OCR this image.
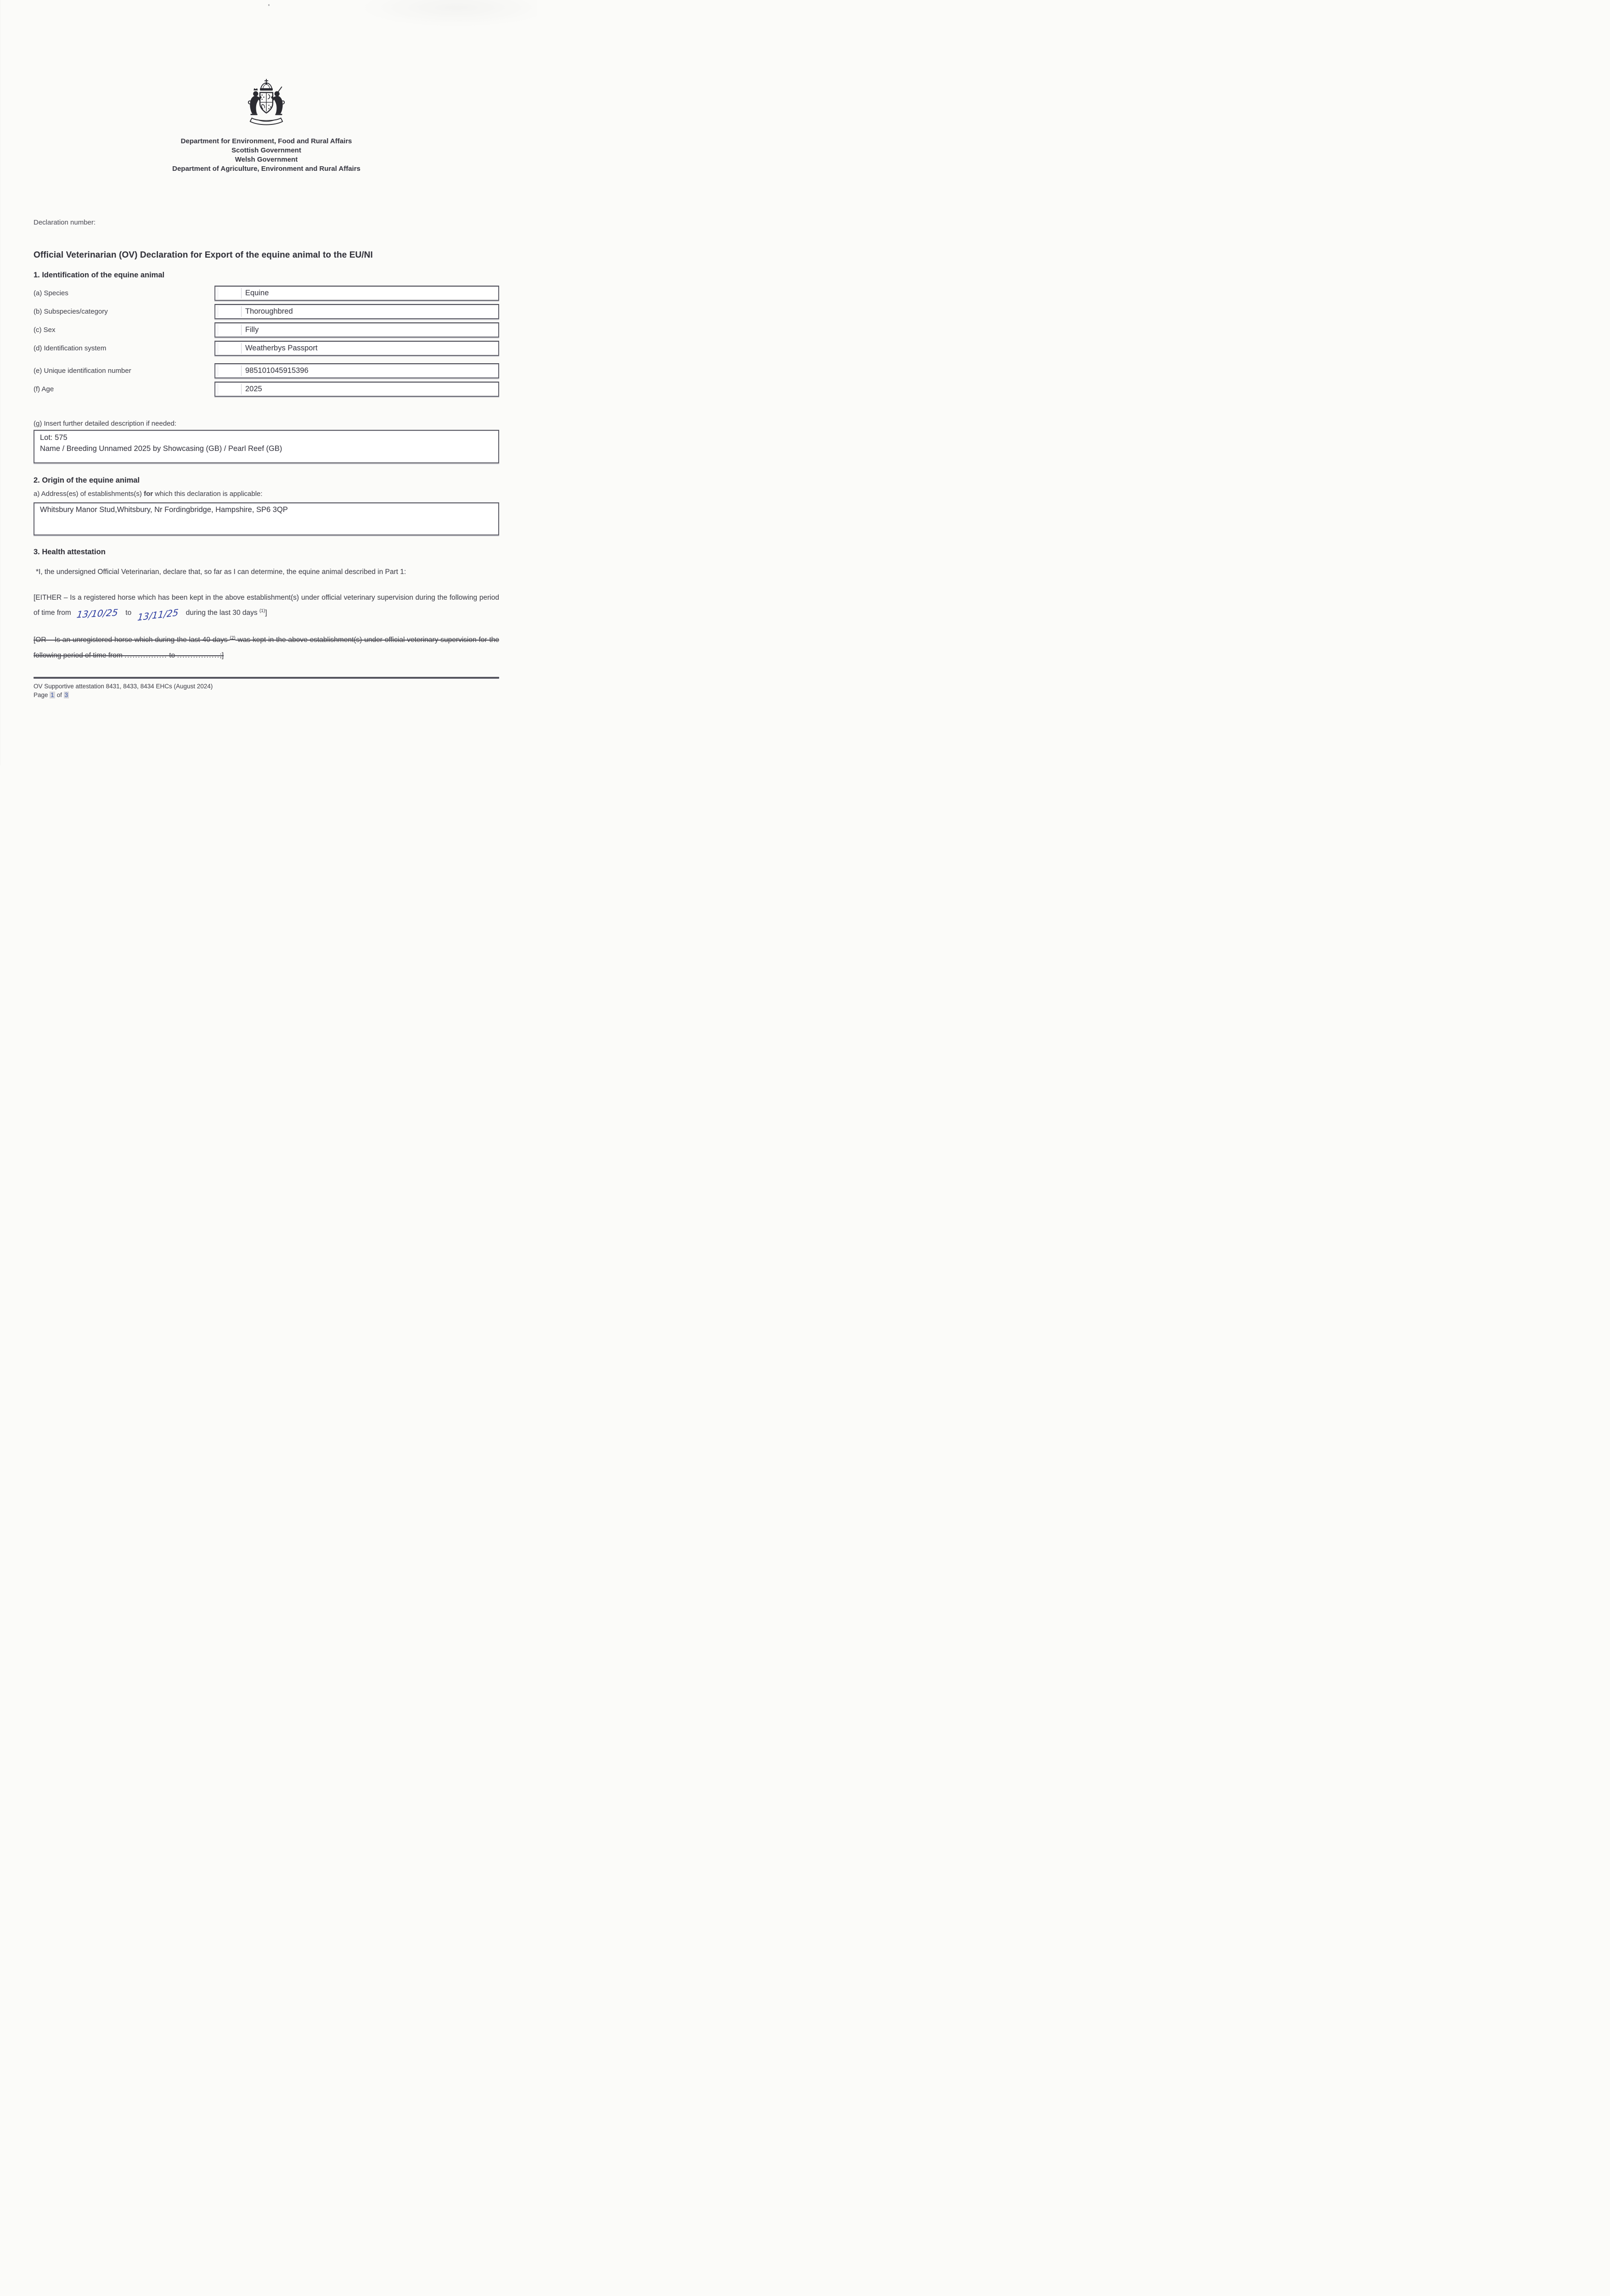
Department for Environment, Food and Rural Affairs
Scottish Government
Welsh Government
Department of Agriculture, Environment and Rural Affairs
Declaration number:
Official Veterinarian (OV) Declaration for Export of the equine animal to the EU/NI
1. Identification of the equine animal
(a) Species	Equine
(b) Subspecies/category	Thoroughbred
(c) Sex	Filly
(d) Identification system	Weatherbys Passport
(e) Unique identification number	985101045915396
(f) Age	2025
(g) Insert further detailed description if needed:
Lot: 575
Name / Breeding Unnamed 2025 by Showcasing (GB) / Pearl Reef (GB)
2. Origin of the equine animal
a) Address(es) of establishments(s) for which this declaration is applicable:
Whitsbury Manor Stud,Whitsbury, Nr Fordingbridge, Hampshire, SP6 3QP
3. Health attestation

*I, the undersigned Official Veterinarian, declare that, so far as I can determine, the equine animal described in Part 1:

[EITHER – Is a registered horse which has been kept in the above establishment(s) under official veterinary supervision during the following period of time from 13/10/25 to 13/11/25 during the last 30 days $^{(1)}$]

[OR – Is an unregistered horse which during the last 40 days $^{(2)}$ was kept in the above establishment(s) under official veterinary supervision for the following period of time from ................ to ................;]

OV Supportive attestation 8431, 8433, 8434 EHCs (August 2024)
Page 1 of 3
